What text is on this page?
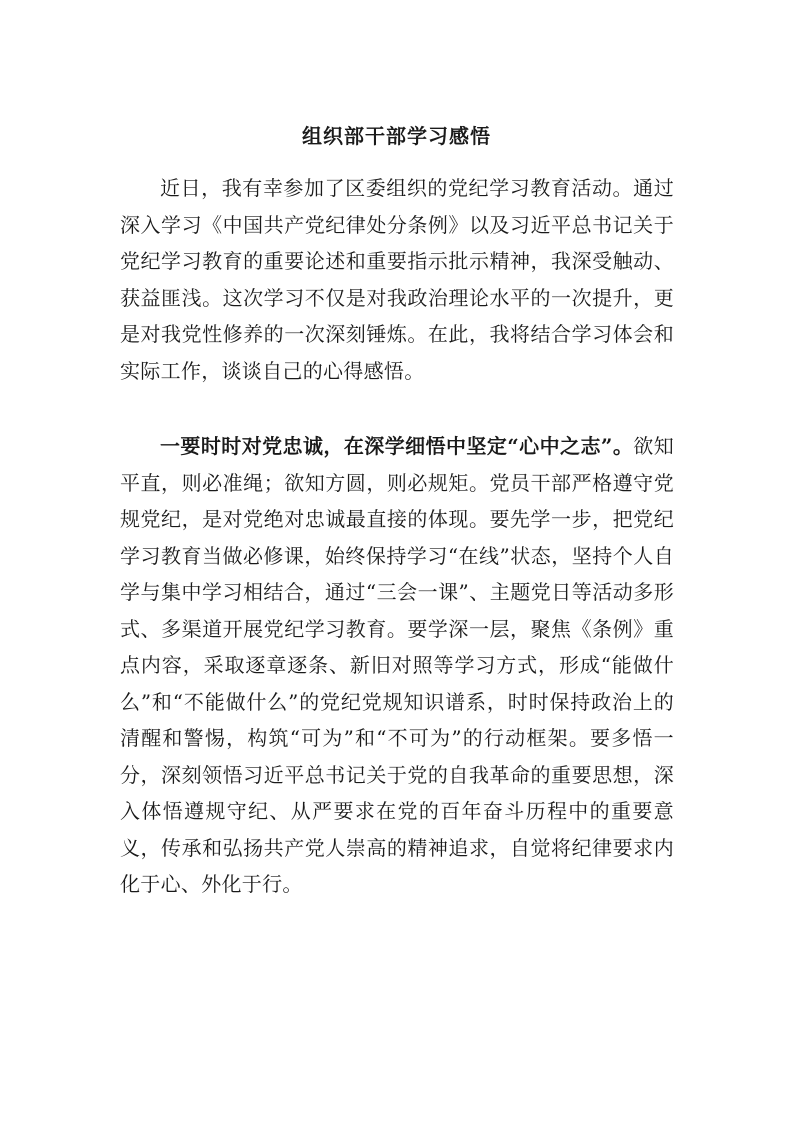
组织部干部学习感悟

近日，我有幸参加了区委组织的党纪学习教育活动。通过深入学习《中国共产党纪律处分条例》以及习近平总书记关于党纪学习教育的重要论述和重要指示批示精神，我深受触动、获益匪浅。这次学习不仅是对我政治理论水平的一次提升，更是对我党性修养的一次深刻锤炼。在此，我将结合学习体会和实际工作，谈谈自己的心得感悟。

一要时时对党忠诚，在深学细悟中坚定“心中之志”。欲知平直，则必准绳；欲知方圆，则必规矩。党员干部严格遵守党规党纪，是对党绝对忠诚最直接的体现。要先学一步，把党纪学习教育当做必修课，始终保持学习“在线”状态，坚持个人自学与集中学习相结合，通过“三会一课”、主题党日等活动多形式、多渠道开展党纪学习教育。要学深一层，聚焦《条例》重点内容，采取逐章逐条、新旧对照等学习方式，形成“能做什么”和“不能做什么”的党纪党规知识谱系，时时保持政治上的清醒和警惕，构筑“可为”和“不可为”的行动框架。要多悟一分，深刻领悟习近平总书记关于党的自我革命的重要思想，深入体悟遵规守纪、从严要求在党的百年奋斗历程中的重要意义，传承和弘扬共产党人崇高的精神追求，自觉将纪律要求内化于心、外化于行。
